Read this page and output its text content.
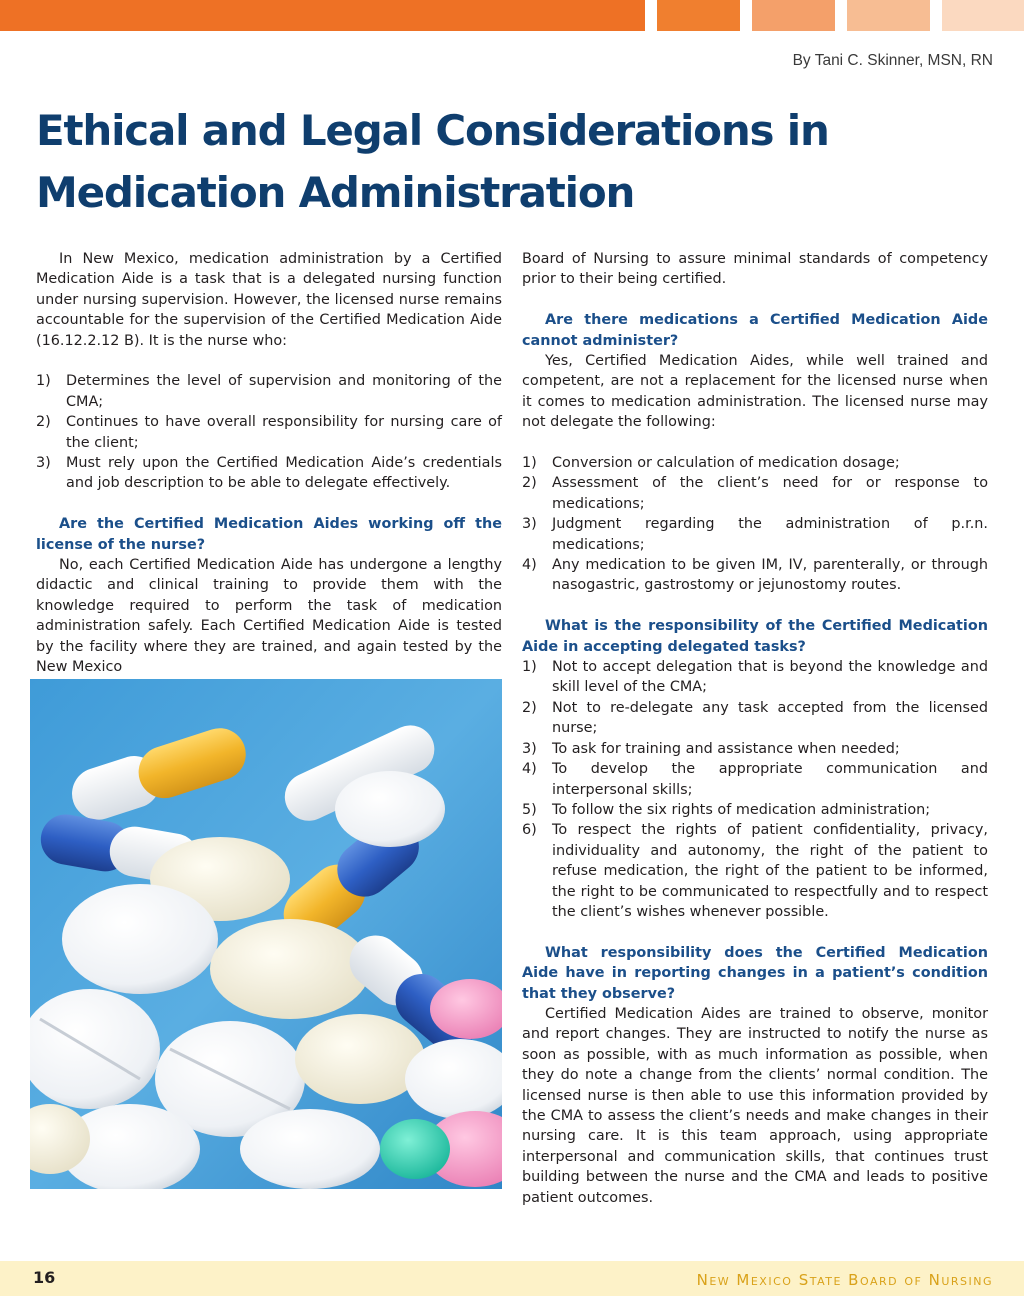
By Tani C. Skinner, MSN, RN
Ethical and Legal Considerations in
Medication Administration

In New Mexico, medication administration by a Certified Medication Aide is a task that is a delegated nursing function under nursing supervision. However, the licensed nurse remains accountable for the supervision of the Certified Medication Aide (16.12.2.12 B). It is the nurse who:

1) Determines the level of supervision and monitoring of the CMA;
2) Continues to have overall responsibility for nursing care of the client;
3) Must rely upon the Certified Medication Aide’s credentials and job description to be able to delegate effectively.

Are the Certified Medication Aides working off the license of the nurse?

No, each Certified Medication Aide has undergone a lengthy didactic and clinical training to provide them with the knowledge required to perform the task of medication administration safely. Each Certified Medication Aide is tested by the facility where they are trained, and again tested by the New Mexico

Board of Nursing to assure minimal standards of competency prior to their being certified.

Are there medications a Certified Medication Aide cannot administer?

Yes, Certified Medication Aides, while well trained and competent, are not a replacement for the licensed nurse when it comes to medication administration. The licensed nurse may not delegate the following:

1) Conversion or calculation of medication dosage;
2) Assessment of the client’s need for or response to medications;
3) Judgment regarding the administration of p.r.n. medications;
4) Any medication to be given IM, IV, parenterally, or through nasogastric, gastrostomy or jejunostomy routes.

What is the responsibility of the Certified Medication Aide in accepting delegated tasks?

1) Not to accept delegation that is beyond the knowledge and skill level of the CMA;
2) Not to re-delegate any task accepted from the licensed nurse;
3) To ask for training and assistance when needed;
4) To develop the appropriate communication and interpersonal skills;
5) To follow the six rights of medication administration;
6) To respect the rights of patient confidentiality, privacy, individuality and autonomy, the right of the patient to refuse medication, the right of the patient to be informed, the right to be communicated to respectfully and to respect the client’s wishes whenever possible.

What responsibility does the Certified Medication Aide have in reporting changes in a patient’s condition that they observe?

Certified Medication Aides are trained to observe, monitor and report changes. They are instructed to notify the nurse as soon as possible, with as much information as possible, when they do note a change from the clients’ normal condition. The licensed nurse is then able to use this information provided by the CMA to assess the client’s needs and make changes in their nursing care. It is this team approach, using appropriate interpersonal and communication skills, that continues trust building between the nurse and the CMA and leads to positive patient outcomes.

16	New Mexico State Board of Nursing
